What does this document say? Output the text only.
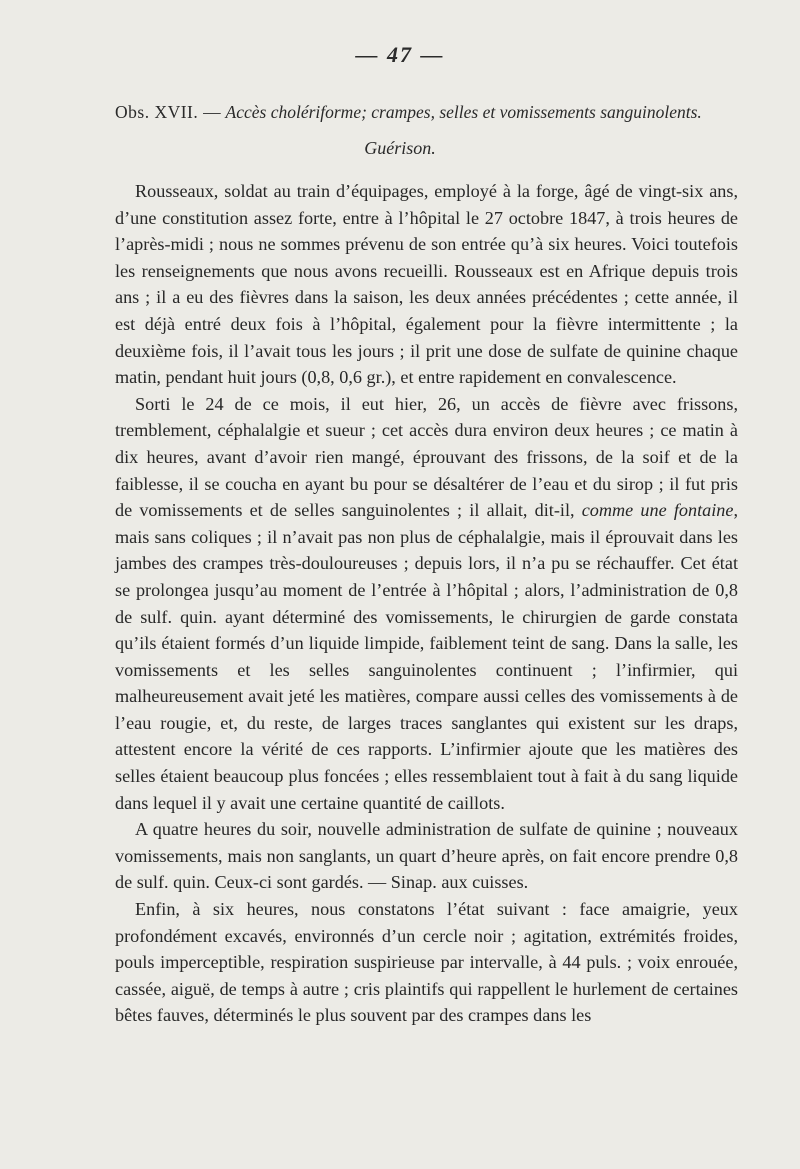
— 47 —
Obs. XVII. — Accès cholériforme; crampes, selles et vomissements sanguinolents.
Guérison.

Rousseaux, soldat au train d’équipages, employé à la forge, âgé de vingt-six ans, d’une constitution assez forte, entre à l’hôpital le 27 octobre 1847, à trois heures de l’après-midi ; nous ne sommes prévenu de son entrée qu’à six heures. Voici toutefois les renseignements que nous avons recueilli. Rousseaux est en Afrique depuis trois ans ; il a eu des fièvres dans la saison, les deux années précédentes ; cette année, il est déjà entré deux fois à l’hôpital, également pour la fièvre intermittente ; la deuxième fois, il l’avait tous les jours ; il prit une dose de sulfate de quinine chaque matin, pendant huit jours (0,8, 0,6 gr.), et entre rapidement en convalescence.

Sorti le 24 de ce mois, il eut hier, 26, un accès de fièvre avec frissons, tremblement, céphalalgie et sueur ; cet accès dura environ deux heures ; ce matin à dix heures, avant d’avoir rien mangé, éprouvant des frissons, de la soif et de la faiblesse, il se coucha en ayant bu pour se désaltérer de l’eau et du sirop ; il fut pris de vomissements et de selles sanguinolentes ; il allait, dit-il, comme une fontaine, mais sans coliques ; il n’avait pas non plus de céphalalgie, mais il éprouvait dans les jambes des crampes très-douloureuses ; depuis lors, il n’a pu se réchauffer. Cet état se prolongea jusqu’au moment de l’entrée à l’hôpital ; alors, l’administration de 0,8 de sulf. quin. ayant déterminé des vomissements, le chirurgien de garde constata qu’ils étaient formés d’un liquide limpide, faiblement teint de sang. Dans la salle, les vomissements et les selles sanguinolentes continuent ; l’infirmier, qui malheureusement avait jeté les matières, compare aussi celles des vomissements à de l’eau rougie, et, du reste, de larges traces sanglantes qui existent sur les draps, attestent encore la vérité de ces rapports. L’infirmier ajoute que les matières des selles étaient beaucoup plus foncées ; elles ressemblaient tout à fait à du sang liquide dans lequel il y avait une certaine quantité de caillots.

A quatre heures du soir, nouvelle administration de sulfate de quinine ; nouveaux vomissements, mais non sanglants, un quart d’heure après, on fait encore prendre 0,8 de sulf. quin. Ceux-ci sont gardés. — Sinap. aux cuisses.

Enfin, à six heures, nous constatons l’état suivant : face amaigrie, yeux profondément excavés, environnés d’un cercle noir ; agitation, extrémités froides, pouls imperceptible, respiration suspirieuse par intervalle, à 44 puls. ; voix enrouée, cassée, aiguë, de temps à autre ; cris plaintifs qui rappellent le hurlement de certaines bêtes fauves, déterminés le plus souvent par des crampes dans les
